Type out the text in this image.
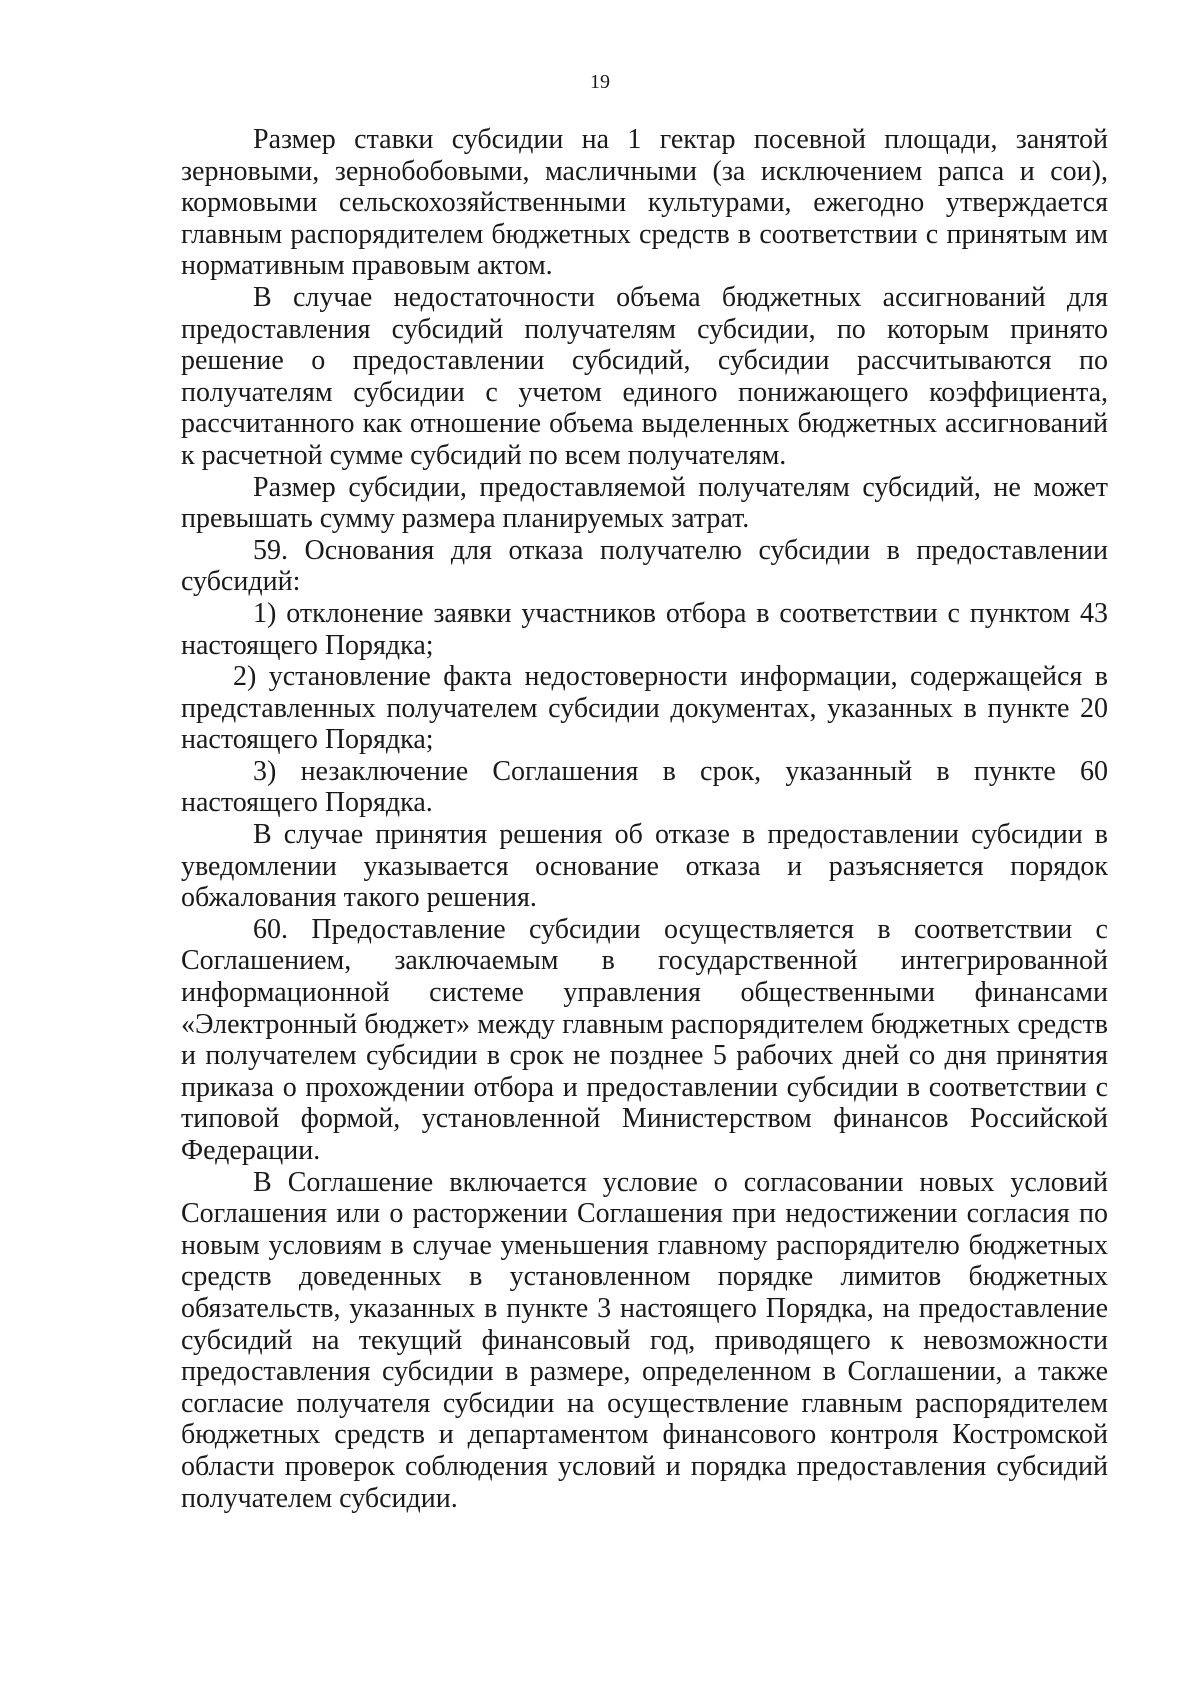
19

Размер ставки субсидии на 1 гектар посевной площади, занятой зерновыми, зернобобовыми, масличными (за исключением рапса и сои), кормовыми сельскохозяйственными культурами, ежегодно утверждается главным распорядителем бюджетных средств в соответствии с принятым им нормативным правовым актом.

В случае недостаточности объема бюджетных ассигнований для предоставления субсидий получателям субсидии, по которым принято решение о предоставлении субсидий, субсидии рассчитываются по получателям субсидии с учетом единого понижающего коэффициента, рассчитанного как отношение объема выделенных бюджетных ассигнований к расчетной сумме субсидий по всем получателям.

Размер субсидии, предоставляемой получателям субсидий, не может превышать сумму размера планируемых затрат.

59. Основания для отказа получателю субсидии в предоставлении субсидий:

1) отклонение заявки участников отбора в соответствии с пунктом 43 настоящего Порядка;

2) установление факта недостоверности информации, содержащейся в представленных получателем субсидии документах, указанных в пункте 20 настоящего Порядка;

3) незаключение Соглашения в срок, указанный в пункте 60 настоящего Порядка.

В случае принятия решения об отказе в предоставлении субсидии в уведомлении указывается основание отказа и разъясняется порядок обжалования такого решения.

60. Предоставление субсидии осуществляется в соответствии с Соглашением, заключаемым в государственной интегрированной информационной системе управления общественными финансами «Электронный бюджет» между главным распорядителем бюджетных средств и получателем субсидии в срок не позднее 5 рабочих дней со дня принятия приказа о прохождении отбора и предоставлении субсидии в соответствии с типовой формой, установленной Министерством финансов Российской Федерации.

В Соглашение включается условие о согласовании новых условий Соглашения или о расторжении Соглашения при недостижении согласия по новым условиям в случае уменьшения главному распорядителю бюджетных средств доведенных в установленном порядке лимитов бюджетных обязательств, указанных в пункте 3 настоящего Порядка, на предоставление субсидий на текущий финансовый год, приводящего к невозможности предоставления субсидии в размере, определенном в Соглашении, а также согласие получателя субсидии на осуществление главным распорядителем бюджетных средств и департаментом финансового контроля Костромской области проверок соблюдения условий и порядка предоставления субсидий получателем субсидии.
